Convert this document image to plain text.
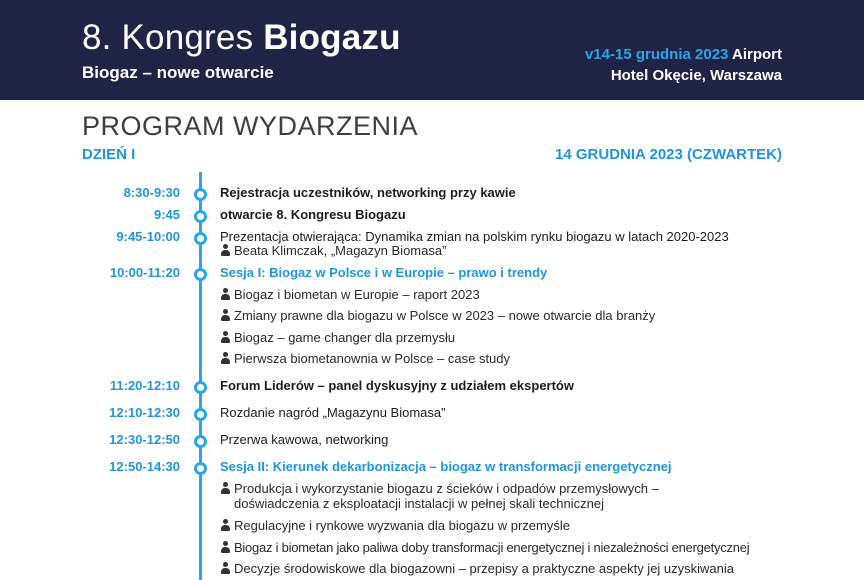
8. Kongres Biogazu
Biogaz – nowe otwarcie
v14-15 grudnia 2023 Airport
Hotel Okęcie, Warszawa
PROGRAM WYDARZENIA
DZIEŃ I	14 GRUDNIA 2023 (CZWARTEK)
8:30-9:30	Rejestracja uczestników, networking przy kawie
9:45	otwarcie 8. Kongresu Biogazu
9:45-10:00	Prezentacja otwierająca: Dynamika zmian na polskim rynku biogazu w latach 2020-2023
Beata Klimczak, „Magazyn Biomasa”
10:00-11:20	Sesja I: Biogaz w Polsce i w Europie – prawo i trendy
Biogaz i biometan w Europie – raport 2023
Zmiany prawne dla biogazu w Polsce w 2023 – nowe otwarcie dla branży
Biogaz – game changer dla przemysłu
Pierwsza biometanownia w Polsce – case study
11:20-12:10	Forum Liderów – panel dyskusyjny z udziałem ekspertów
12:10-12:30	Rozdanie nagród „Magazynu Biomasa”
12:30-12:50	Przerwa kawowa, networking
12:50-14:30	Sesja II: Kierunek dekarbonizacja – biogaz w transformacji energetycznej
Produkcja i wykorzystanie biogazu z ścieków i odpadów przemysłowych –
doświadczenia z eksploatacji instalacji w pełnej skali technicznej
Regulacyjne i rynkowe wyzwania dla biogazu w przemyśle
Biogaz i biometan jako paliwa doby transformacji energetycznej i niezależności energetycznej
Decyzje środowiskowe dla biogazowni – przepisy a praktyczne aspekty jej uzyskiwania
